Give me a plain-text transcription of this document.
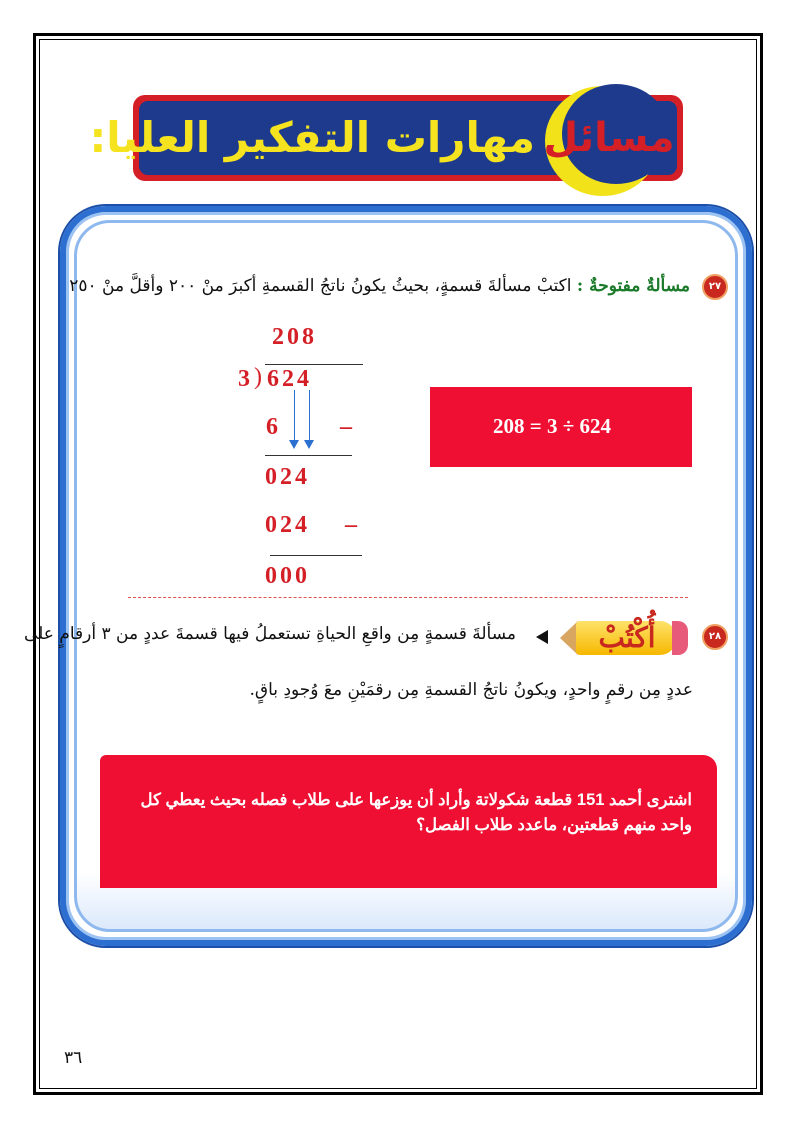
مسائل
مهارات التفكير العليا:
٢٧
مسألةٌ مفتوحةٌ : اكتبْ مسألةَ قسمةٍ، بحيثُ يكونُ ناتجُ القسمةِ أكبرَ منْ ٢٠٠ وأقلَّ منْ ٢٥٠
208
3 ) 624
6 –
024
024 –
000
208 = 3 ÷ 624
٢٨
أُكْتُبْ
مسألةَ قسمةٍ مِن واقعِ الحياةِ تستعملُ فيها قسمةَ عددٍ من ٣ أرقامٍ على
عددٍ مِن رقمٍ واحدٍ، ويكونُ ناتجُ القسمةِ مِن رقمَيْنِ معَ وُجودِ باقٍ.
اشترى أحمد 151 قطعة شكولاتة وأراد أن يوزعها على طلاب فصله بحيث يعطي كل واحد منهم قطعتين، ماعدد طلاب الفصل؟
٣٦
